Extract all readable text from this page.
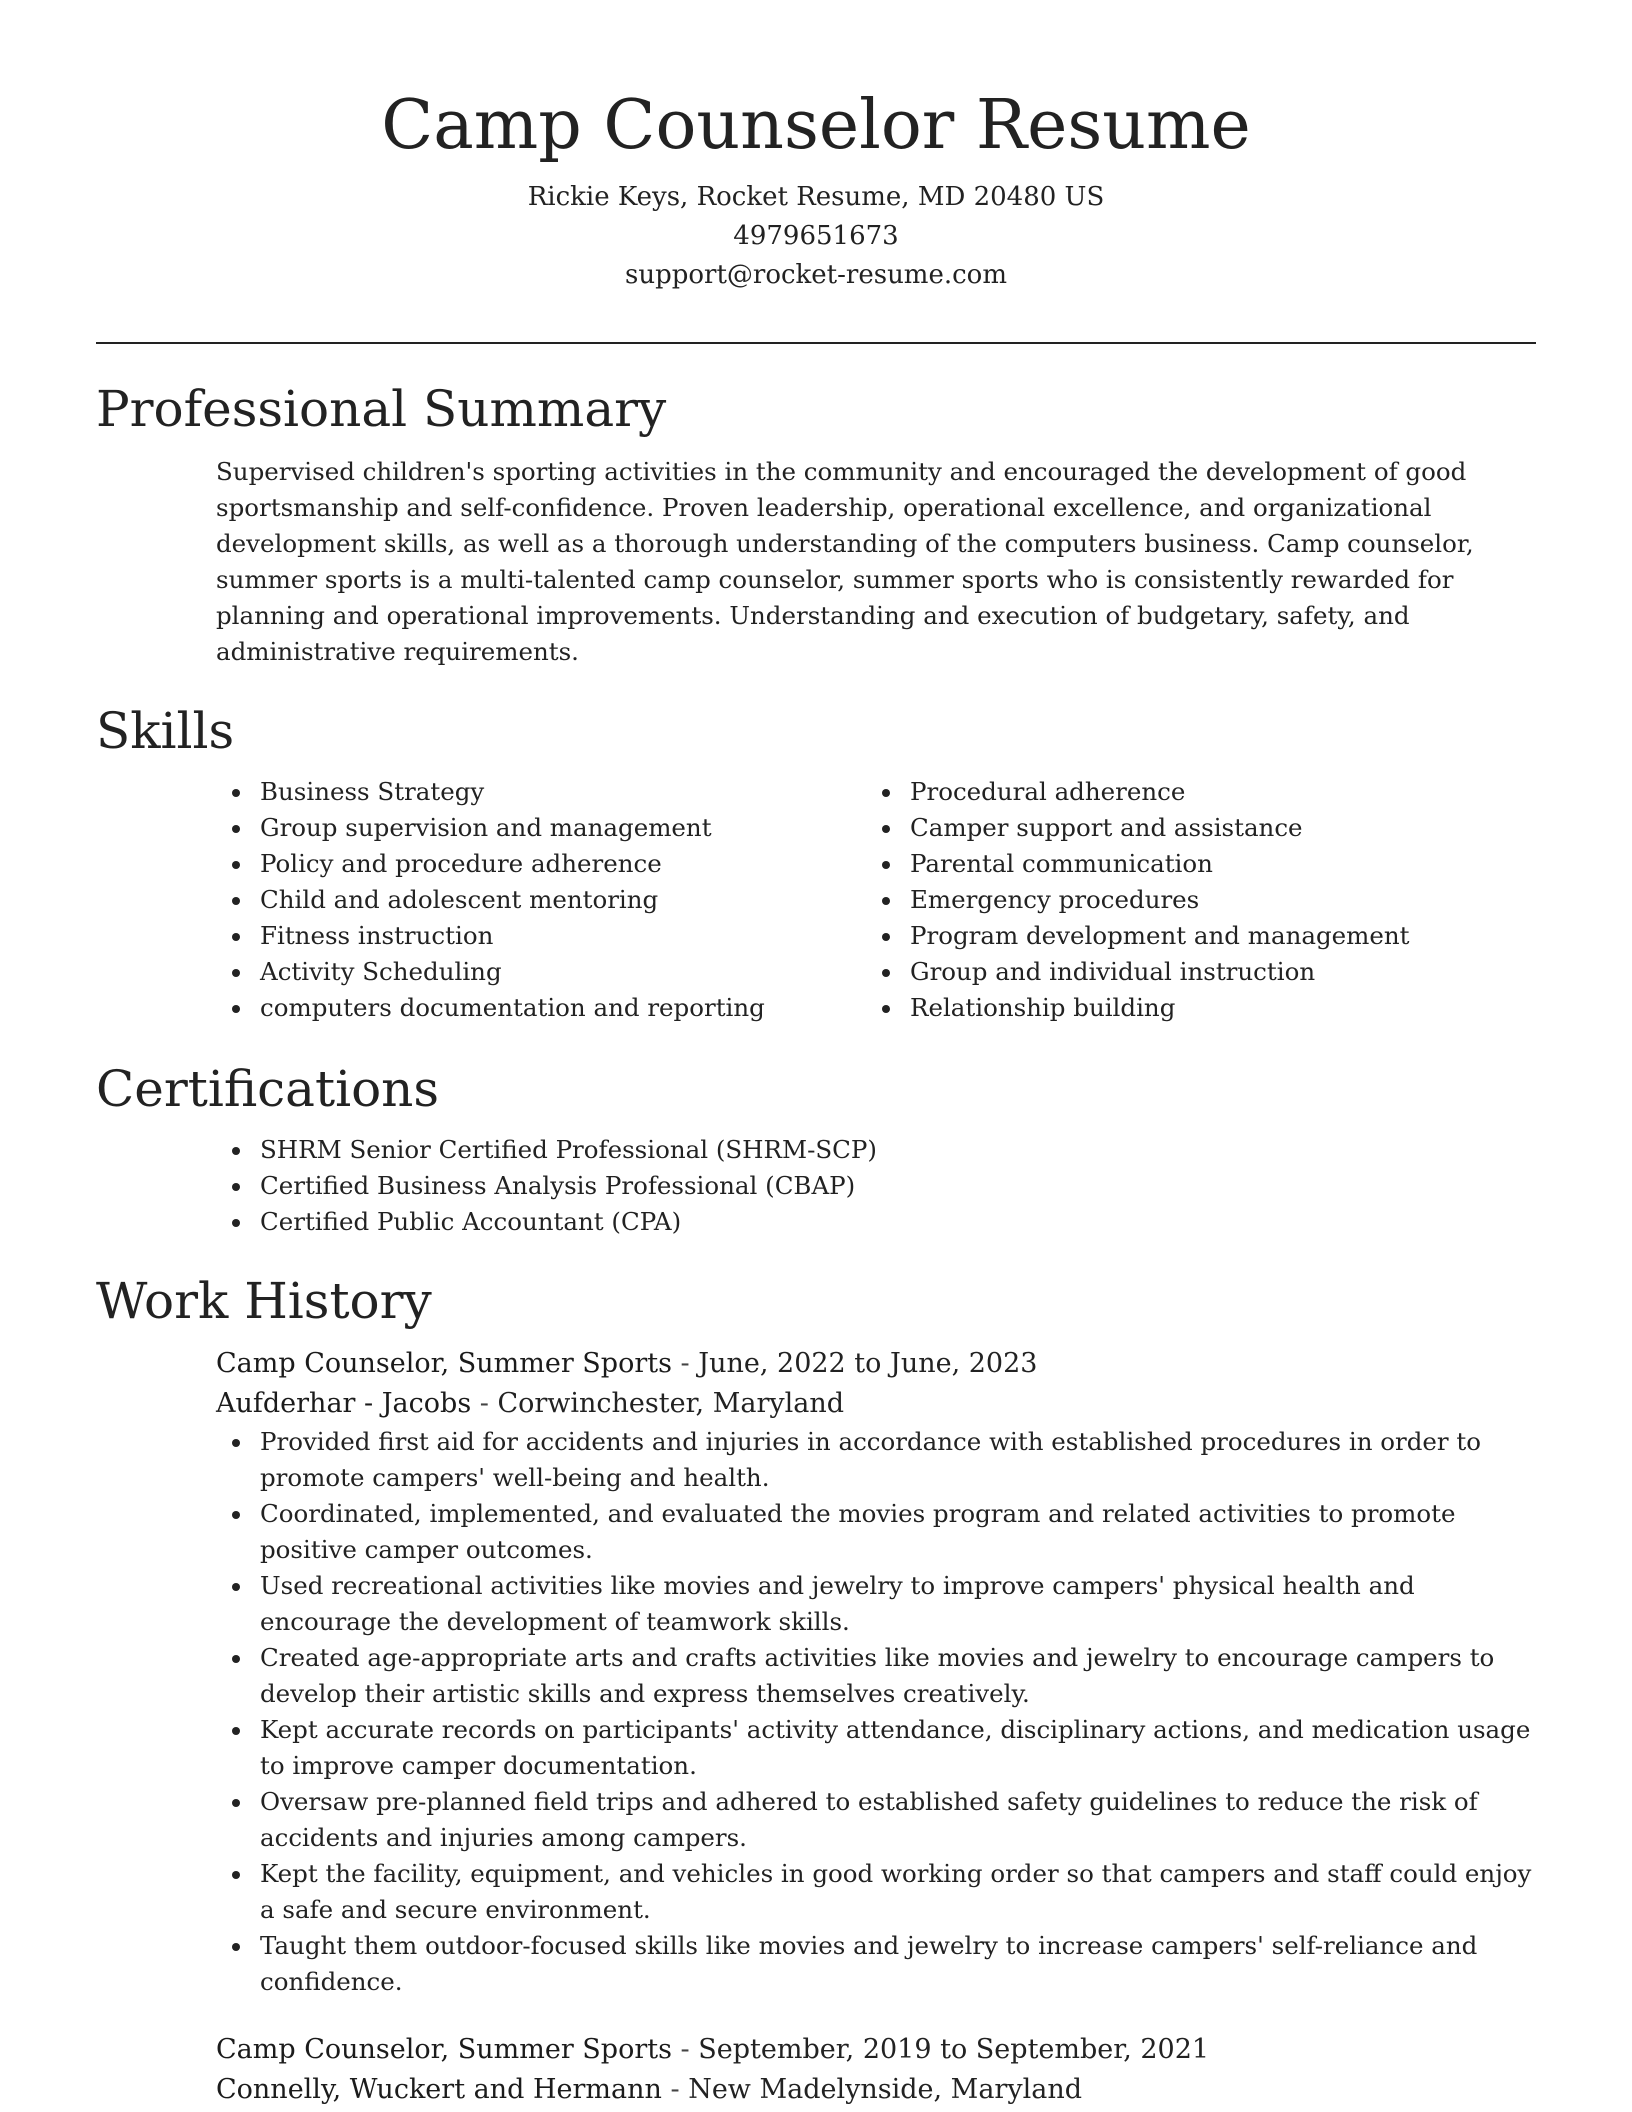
Camp Counselor Resume
Rickie Keys, Rocket Resume, MD 20480 US
4979651673
support@rocket-resume.com
Professional Summary

Supervised children's sporting activities in the community and encouraged the development of good sportsmanship and self-confidence. Proven leadership, operational excellence, and organizational development skills, as well as a thorough understanding of the computers business. Camp counselor, summer sports is a multi-talented camp counselor, summer sports who is consistently rewarded for planning and operational improvements. Understanding and execution of budgetary, safety, and administrative requirements.

Skills
Business Strategy
Group supervision and management
Policy and procedure adherence
Child and adolescent mentoring
Fitness instruction
Activity Scheduling
computers documentation and reporting
Procedural adherence
Camper support and assistance
Parental communication
Emergency procedures
Program development and management
Group and individual instruction
Relationship building
Certifications
SHRM Senior Certified Professional (SHRM-SCP)
Certified Business Analysis Professional (CBAP)
Certified Public Accountant (CPA)
Work History
Camp Counselor, Summer Sports - June, 2022 to June, 2023
Aufderhar - Jacobs - Corwinchester, Maryland
Provided first aid for accidents and injuries in accordance with established procedures in order to promote campers' well-being and health.
Coordinated, implemented, and evaluated the movies program and related activities to promote positive camper outcomes.
Used recreational activities like movies and jewelry to improve campers' physical health and encourage the development of teamwork skills.
Created age-appropriate arts and crafts activities like movies and jewelry to encourage campers to develop their artistic skills and express themselves creatively.
Kept accurate records on participants' activity attendance, disciplinary actions, and medication usage to improve camper documentation.
Oversaw pre-planned field trips and adhered to established safety guidelines to reduce the risk of accidents and injuries among campers.
Kept the facility, equipment, and vehicles in good working order so that campers and staff could enjoy a safe and secure environment.
Taught them outdoor-focused skills like movies and jewelry to increase campers' self-reliance and confidence.
Camp Counselor, Summer Sports - September, 2019 to September, 2021
Connelly, Wuckert and Hermann - New Madelynside, Maryland
